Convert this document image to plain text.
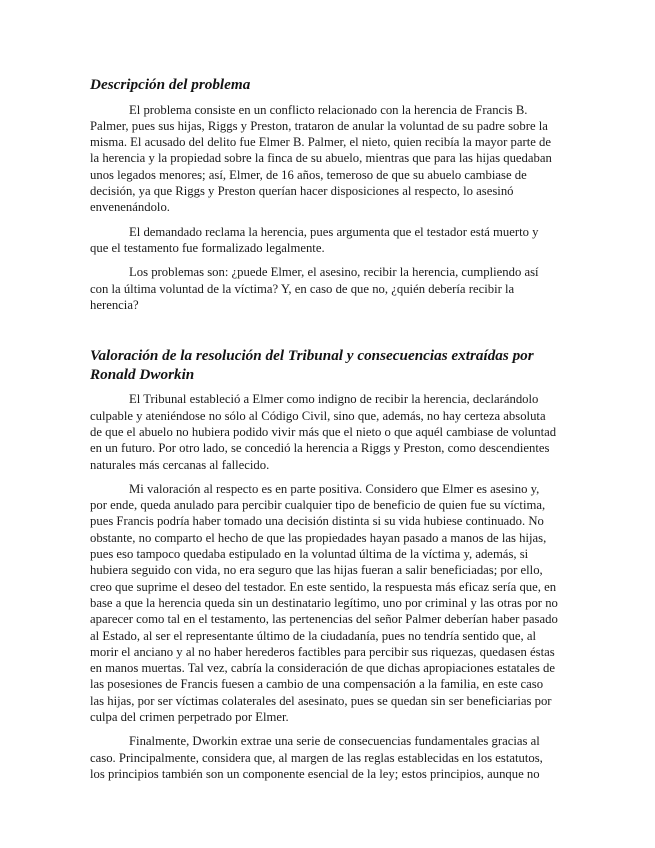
Descripción del problema

El problema consiste en un conflicto relacionado con la herencia de Francis B. Palmer, pues sus hijas, Riggs y Preston, trataron de anular la voluntad de su padre sobre la misma. El acusado del delito fue Elmer B. Palmer, el nieto, quien recibía la mayor parte de la herencia y la propiedad sobre la finca de su abuelo, mientras que para las hijas quedaban unos legados menores; así, Elmer, de 16 años, temeroso de que su abuelo cambiase de decisión, ya que Riggs y Preston querían hacer disposiciones al respecto, lo asesinó envenenándolo.

El demandado reclama la herencia, pues argumenta que el testador está muerto y que el testamento fue formalizado legalmente.

Los problemas son: ¿puede Elmer, el asesino, recibir la herencia, cumpliendo así con la última voluntad de la víctima? Y, en caso de que no, ¿quién debería recibir la herencia?

Valoración de la resolución del Tribunal y consecuencias extraídas por Ronald Dworkin

El Tribunal estableció a Elmer como indigno de recibir la herencia, declarándolo culpable y ateniéndose no sólo al Código Civil, sino que, además, no hay certeza absoluta de que el abuelo no hubiera podido vivir más que el nieto o que aquél cambiase de voluntad en un futuro. Por otro lado, se concedió la herencia a Riggs y Preston, como descendientes naturales más cercanas al fallecido.

Mi valoración al respecto es en parte positiva. Considero que Elmer es asesino y, por ende, queda anulado para percibir cualquier tipo de beneficio de quien fue su víctima, pues Francis podría haber tomado una decisión distinta si su vida hubiese continuado. No obstante, no comparto el hecho de que las propiedades hayan pasado a manos de las hijas, pues eso tampoco quedaba estipulado en la voluntad última de la víctima y, además, si hubiera seguido con vida, no era seguro que las hijas fueran a salir beneficiadas; por ello, creo que suprime el deseo del testador. En este sentido, la respuesta más eficaz sería que, en base a que la herencia queda sin un destinatario legítimo, uno por criminal y las otras por no aparecer como tal en el testamento, las pertenencias del señor Palmer deberían haber pasado al Estado, al ser el representante último de la ciudadanía, pues no tendría sentido que, al morir el anciano y al no haber herederos factibles para percibir sus riquezas, quedasen éstas en manos muertas. Tal vez, cabría la consideración de que dichas apropiaciones estatales de las posesiones de Francis fuesen a cambio de una compensación a la familia, en este caso las hijas, por ser víctimas colaterales del asesinato, pues se quedan sin ser beneficiarias por culpa del crimen perpetrado por Elmer.

Finalmente, Dworkin extrae una serie de consecuencias fundamentales gracias al caso. Principalmente, considera que, al margen de las reglas establecidas en los estatutos, los principios también son un componente esencial de la ley; estos principios, aunque no
